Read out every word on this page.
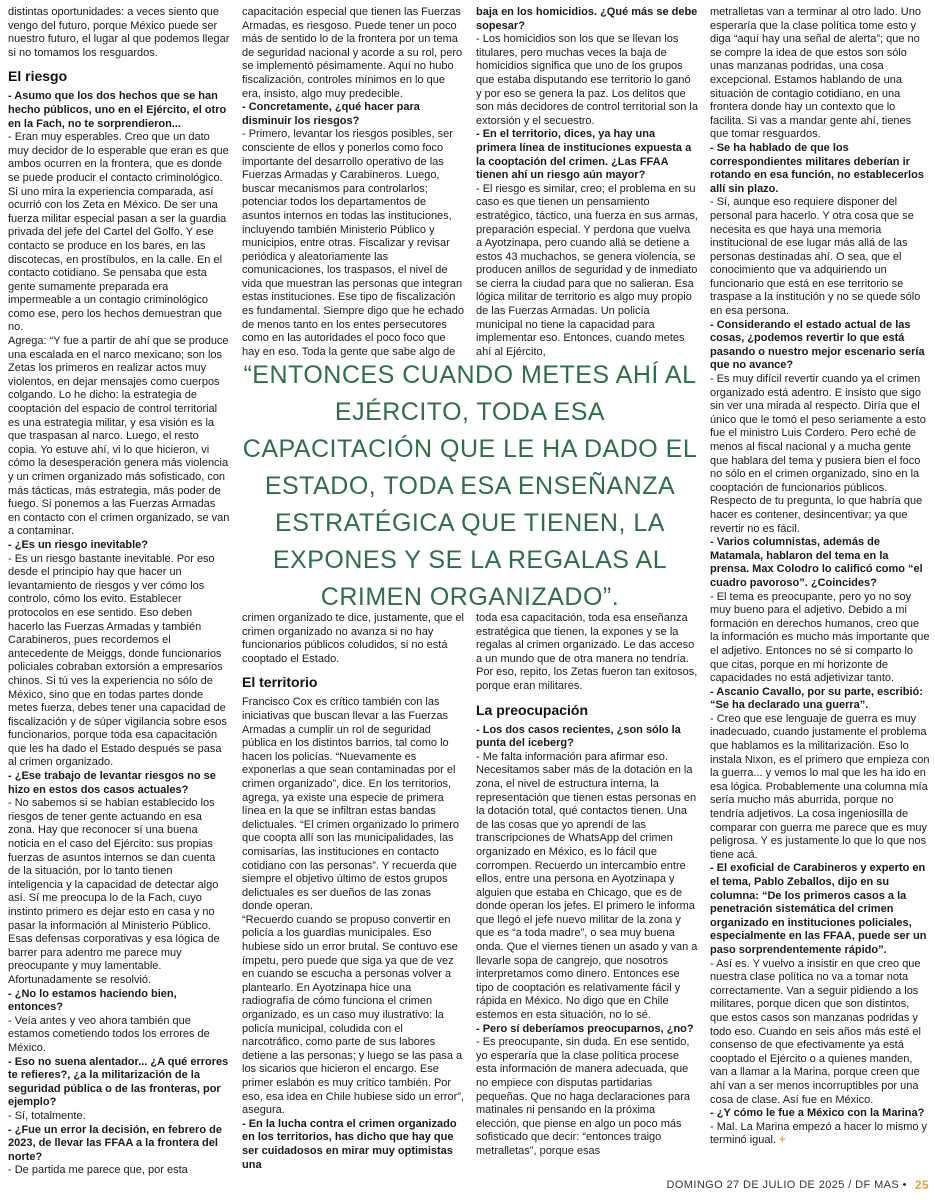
distintas oportunidades: a veces siento que vengo del futuro, porque México puede ser nuestro futuro, el lugar al que podemos llegar si no tomamos los resguardos.

El riesgo

- Asumo que los dos hechos que se han hecho públicos, uno en el Ejército, el otro en la Fach, no te sorprendieron...

- Eran muy esperables. Creo que un dato muy decidor de lo esperable que eran es que ambos ocurren en la frontera, que es donde se puede producir el contacto criminológico. Si uno mira la experiencia comparada, así ocurrió con los Zeta en México. De ser una fuerza militar especial pasan a ser la guardia privada del jefe del Cartel del Golfo. Y ese contacto se produce en los bares, en las discotecas, en prostíbulos, en la calle. En el contacto cotidiano. Se pensaba que esta gente sumamente preparada era impermeable a un contagio criminológico como ese, pero los hechos demuestran que no.

Agrega: “Y fue a partir de ahí que se produce una escalada en el narco mexicano; son los Zetas los primeros en realizar actos muy violentos, en dejar mensajes como cuerpos colgando. Lo he dicho: la estrategia de cooptación del espacio de control territorial es una estrategia militar, y esa visión es la que traspasan al narco. Luego, el resto copia. Yo estuve ahí, vi lo que hicieron, vi cómo la desesperación genera más violencia y un crimen organizado más sofisticado, con más tácticas, más estrategia, más poder de fuego. Si ponemos a las Fuerzas Armadas en contacto con el crimen organizado, se van a contaminar.

- ¿Es un riesgo inevitable?

- Es un riesgo bastante inevitable. Por eso desde el principio hay que hacer un levantamiento de riesgos y ver cómo los controlo, cómo los evito. Establecer protocolos en ese sentido. Eso deben hacerlo las Fuerzas Armadas y también Carabineros, pues recordemos el antecedente de Meiggs, donde funcionarios policiales cobraban extorsión a empresarios chinos. Si tú ves la experiencia no sólo de México, sino que en todas partes donde metes fuerza, debes tener una capacidad de fiscalización y de súper vigilancia sobre esos funcionarios, porque toda esa capacitación que les ha dado el Estado después se pasa al crimen organizado.

- ¿Ese trabajo de levantar riesgos no se hizo en estos dos casos actuales?

- No sabemos si se habían establecido los riesgos de tener gente actuando en esa zona. Hay que reconocer sí una buena noticia en el caso del Ejército: sus propias fuerzas de asuntos internos se dan cuenta de la situación, por lo tanto tienen inteligencia y la capacidad de detectar algo así. Sí me preocupa lo de la Fach, cuyo instinto primero es dejar esto en casa y no pasar la información al Ministerio Público. Esas defensas corporativas y esa lógica de barrer para adentro me parece muy preocupante y muy lamentable. Afortunadamente se resolvió.

- ¿No lo estamos haciendo bien, entonces?

- Veía antes y veo ahora también que estamos cometiendo todos los errores de México.

- Eso no suena alentador... ¿A qué errores te refieres?, ¿a la militarización de la seguridad pública o de las fronteras, por ejemplo?

- Sí, totalmente.

- ¿Fue un error la decisión, en febrero de 2023, de llevar las FFAA a la frontera del norte?

- De partida me parece que, por esta

capacitación especial que tienen las Fuerzas Armadas, es riesgoso. Puede tener un poco más de sentido lo de la frontera por un tema de seguridad nacional y acorde a su rol, pero se implementó pésimamente. Aquí no hubo fiscalización, controles mínimos en lo que era, insisto, algo muy predecible.

- Concretamente, ¿qué hacer para disminuir los riesgos?

- Primero, levantar los riesgos posibles, ser consciente de ellos y ponerlos como foco importante del desarrollo operativo de las Fuerzas Armadas y Carabineros. Luego, buscar mecanismos para controlarlos; potenciar todos los departamentos de asuntos internos en todas las instituciones, incluyendo también Ministerio Público y municipios, entre otras. Fiscalizar y revisar periódica y aleatoriamente las comunicaciones, los traspasos, el nivel de vida que muestran las personas que integran estas instituciones. Ese tipo de fiscalización es fundamental. Siempre digo que he echado de menos tanto en los entes persecutores como en las autoridades el poco foco que hay en eso. Toda la gente que sabe algo de

baja en los homicidios. ¿Qué más se debe sopesar?

- Los homicidios son los que se llevan los titulares, pero muchas veces la baja de homicidios significa que uno de los grupos que estaba disputando ese territorio lo ganó y por eso se genera la paz. Los delitos que son más decidores de control territorial son la extorsión y el secuestro.

- En el territorio, dices, ya hay una primera línea de instituciones expuesta a la cooptación del crimen. ¿Las FFAA tienen ahí un riesgo aún mayor?

- El riesgo es similar, creo; el problema en su caso es que tienen un pensamiento estratégico, táctico, una fuerza en sus armas, preparación especial. Y perdona que vuelva a Ayotzinapa, pero cuando allá se detiene a estos 43 muchachos, se genera violencia, se producen anillos de seguridad y de inmediato se cierra la ciudad para que no salieran. Esa lógica militar de territorio es algo muy propio de las Fuerzas Armadas. Un policía municipal no tiene la capacidad para implementar eso. Entonces, cuando metes ahí al Ejército,

“ENTONCES CUANDO METES AHÍ AL EJÉRCITO, TODA ESA CAPACITACIÓN QUE LE HA DADO EL ESTADO, TODA ESA ENSEÑANZA ESTRATÉGICA QUE TIENEN, LA EXPONES Y SE LA REGALAS AL CRIMEN ORGANIZADO”.

crimen organizado te dice, justamente, que el crimen organizado no avanza si no hay funcionarios públicos coludidos, si no está cooptado el Estado.

El territorio

Francisco Cox es crítico también con las iniciativas que buscan llevar a las Fuerzas Armadas a cumplir un rol de seguridad pública en los distintos barrios, tal como lo hacen los policías. “Nuevamente es exponerlas a que sean contaminadas por el crimen organizado”, dice. En los territorios, agrega, ya existe una especie de primera línea en la que se infiltran estas bandas delictuales. “El crimen organizado lo primero que coopta allí son las municipalidades, las comisarías, las instituciones en contacto cotidiano con las personas”. Y recuerda que siempre el objetivo último de estos grupos delictuales es ser dueños de las zonas donde operan.

“Recuerdo cuando se propuso convertir en policía a los guardias municipales. Eso hubiese sido un error brutal. Se contuvo ese ímpetu, pero puede que siga ya que de vez en cuando se escucha a personas volver a plantearlo. En Ayotzinapa hice una radiografía de cómo funciona el crimen organizado, es un caso muy ilustrativo: la policía municipal, coludida con el narcotráfico, como parte de sus labores detiene a las personas; y luego se las pasa a los sicarios que hicieron el encargo. Ese primer eslabón es muy crítico también. Por eso, esa idea en Chile hubiese sido un error”, asegura.

- En la lucha contra el crimen organizado en los territorios, has dicho que hay que ser cuidadosos en mirar muy optimistas una

toda esa capacitación, toda esa enseñanza estratégica que tienen, la expones y se la regalas al crimen organizado. Le das acceso a un mundo que de otra manera no tendría. Por eso, repito, los Zetas fueron tan exitosos, porque eran militares.

La preocupación

- Los dos casos recientes, ¿son sólo la punta del iceberg?

- Me falta información para afirmar eso. Necesitamos saber más de la dotación en la zona, el nivel de estructura interna, la representación que tienen estas personas en la dotación total, qué contactos tienen. Una de las cosas que yo aprendí de las transcripciones de WhatsApp del crimen organizado en México, es lo fácil que corrompen. Recuerdo un intercambio entre ellos, entre una persona en Ayotzinapa y alguien que estaba en Chicago, que es de donde operan los jefes. El primero le informa que llegó el jefe nuevo militar de la zona y que es “a toda madre”, o sea muy buena onda. Que el viernes tienen un asado y van a llevarle sopa de cangrejo, que nosotros interpretamos como dinero. Entonces ese tipo de cooptación es relativamente fácil y rápida en México. No digo que en Chile estemos en esta situación, no lo sé.

- Pero sí deberíamos preocuparnos, ¿no?

- Es preocupante, sin duda. En ese sentido, yo esperaría que la clase política procese esta información de manera adecuada, que no empiece con disputas partidarias pequeñas. Que no haga declaraciones para matinales ni pensando en la próxima elección, que piense en algo un poco más sofisticado que decir: “entonces traigo metralletas”, porque esas

metralletas van a terminar al otro lado. Uno esperaría que la clase política tome esto y diga “aquí hay una señal de alerta”; que no se compre la idea de que estos son sólo unas manzanas podridas, una cosa excepcional. Estamos hablando de una situación de contagio cotidiano, en una frontera donde hay un contexto que lo facilita. Si vas a mandar gente ahí, tienes que tomar resguardos.

- Se ha hablado de que los correspondientes militares deberían ir rotando en esa función, no establecerlos allí sin plazo.

- Sí, aunque eso requiere disponer del personal para hacerlo. Y otra cosa que se necesita es que haya una memoria institucional de ese lugar más allá de las personas destinadas ahí. O sea, que el conocimiento que va adquiriendo un funcionario que está en ese territorio se traspase a la institución y no se quede sólo en esa persona.

- Considerando el estado actual de las cosas, ¿podemos revertir lo que está pasando o nuestro mejor escenario sería que no avance?

- Es muy difícil revertir cuando ya el crimen organizado está adentro. E insisto que sigo sin ver una mirada al respecto. Diría que el único que le tomó el peso seriamente a esto fue el ministro Luis Cordero. Pero eché de menos al fiscal nacional y a mucha gente que hablara del tema y pusiera bien el foco no sólo en el crimen organizado, sino en la cooptación de funcionarios públicos. Respecto de tu pregunta, lo que habría que hacer es contener, desincentivar; ya que revertir no es fácil.

- Varios columnistas, además de Matamala, hablaron del tema en la prensa. Max Colodro lo calificó como “el cuadro pavoroso”. ¿Coincides?

- El tema es preocupante, pero yo no soy muy bueno para el adjetivo. Debido a mi formación en derechos humanos, creo que la información es mucho más importante que el adjetivo. Entonces no sé si comparto lo que citas, porque en mi horizonte de capacidades no está adjetivizar tanto.

- Ascanio Cavallo, por su parte, escribió: “Se ha declarado una guerra”.

- Creo que ese lenguaje de guerra es muy inadecuado, cuando justamente el problema que hablamos es la militarización. Eso lo instala Nixon, es el primero que empieza con la guerra... y vemos lo mal que les ha ido en esa lógica. Probablemente una columna mía sería mucho más aburrida, porque no tendría adjetivos. La cosa ingeniosilla de comparar con guerra me parece que es muy peligrosa. Y es justamente lo que lo que nos tiene acá.

- El exoficial de Carabineros y experto en el tema, Pablo Zeballos, dijo en su columna: “De los primeros casos a la penetración sistemática del crimen organizado en instituciones policiales, especialmente en las FFAA, puede ser un paso sorprendentemente rápido”.

- Así es. Y vuelvo a insistir en que creo que nuestra clase política no va a tomar nota correctamente. Van a seguir pidiendo a los militares, porque dicen que son distintos, que estos casos son manzanas podridas y todo eso. Cuando en seis años más esté el consenso de que efectivamente ya está cooptado el Ejército o a quienes manden, van a llamar a la Marina, porque creen que ahí van a ser menos incorruptibles por una cosa de clase. Así fue en México.

- ¿Y cómo le fue a México con la Marina?

- Mal. La Marina empezó a hacer lo mismo y terminó igual. +

DOMINGO 27 DE JULIO DE 2025 / DF MAS • 25
